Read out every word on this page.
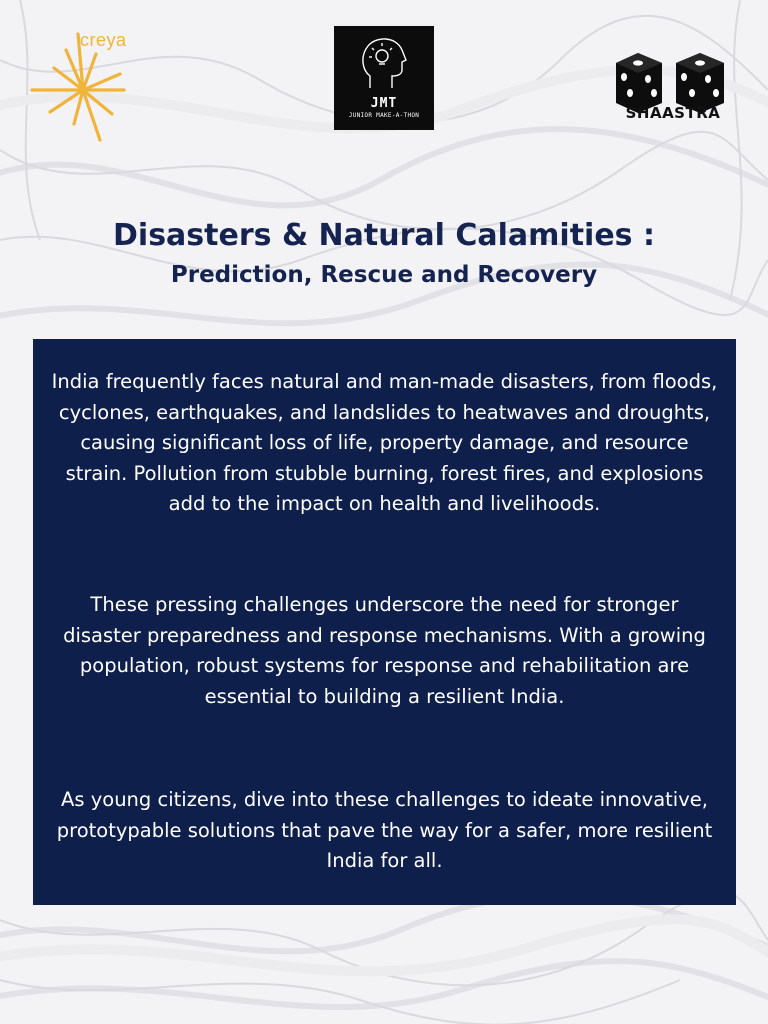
creya
JMT
JUNIOR MAKE-A-THON	SHAASTRA
Disasters & Natural Calamities :
Prediction, Rescue and Recovery

India frequently faces natural and man-made disasters, from floods, cyclones, earthquakes, and landslides to heatwaves and droughts, causing significant loss of life, property damage, and resource strain. Pollution from stubble burning, forest fires, and explosions add to the impact on health and livelihoods.

These pressing challenges underscore the need for stronger disaster preparedness and response mechanisms. With a growing population, robust systems for response and rehabilitation are essential to building a resilient India.

As young citizens, dive into these challenges to ideate innovative, prototypable solutions that pave the way for a safer, more resilient India for all.
